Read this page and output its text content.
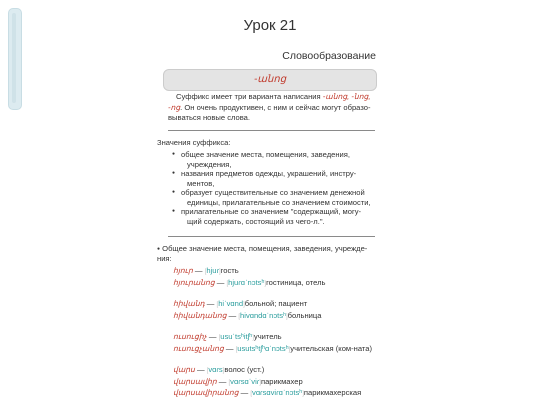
Урок 21
Словообразование
-անոց

Суффикс имеет три варианта написания -անոց, -նոց, -ոց. Он очень продуктивен, с ним и сейчас могут образо-вываться новые слова.

Значения суффикса:
● общее значение места, помещения, заведения,
учреждения,
● названия предметов одежды, украшений, инстру-
ментов,
● образует существительные со значением денежной
единицы, прилагательные со значением стоимости,
● прилагательные со значением "содержащий, могу-
щий содержать, состоящий из чего-л.".
● Общее значение места, помещения, заведения, учрежде-ния:
հյուր — [hjuɾ]гость
հյուրանոց — [hjuɾɑˈnɔtsʰ]гостиница, отель
հիվանդ — [hiˈvɑnd]больной; пациент
հիվանդանոց — [hivɑndɑˈnɔtsʰ]больница
ուսուցիչ — [usuˈtsʰitʃʰ]учитель
ուսուցչանոց — [usutsʰtʃʰɑˈnɔtsʰ]учительская (ком-ната)
վարս — [vɑɾs]волос (уст.)
վարսավիր — [vɑɾsɑˈviɾ]парикмахер
վարսավիրանոց — [vɑɾsɑviɾɑˈnɔtsʰ]парикмахерская
